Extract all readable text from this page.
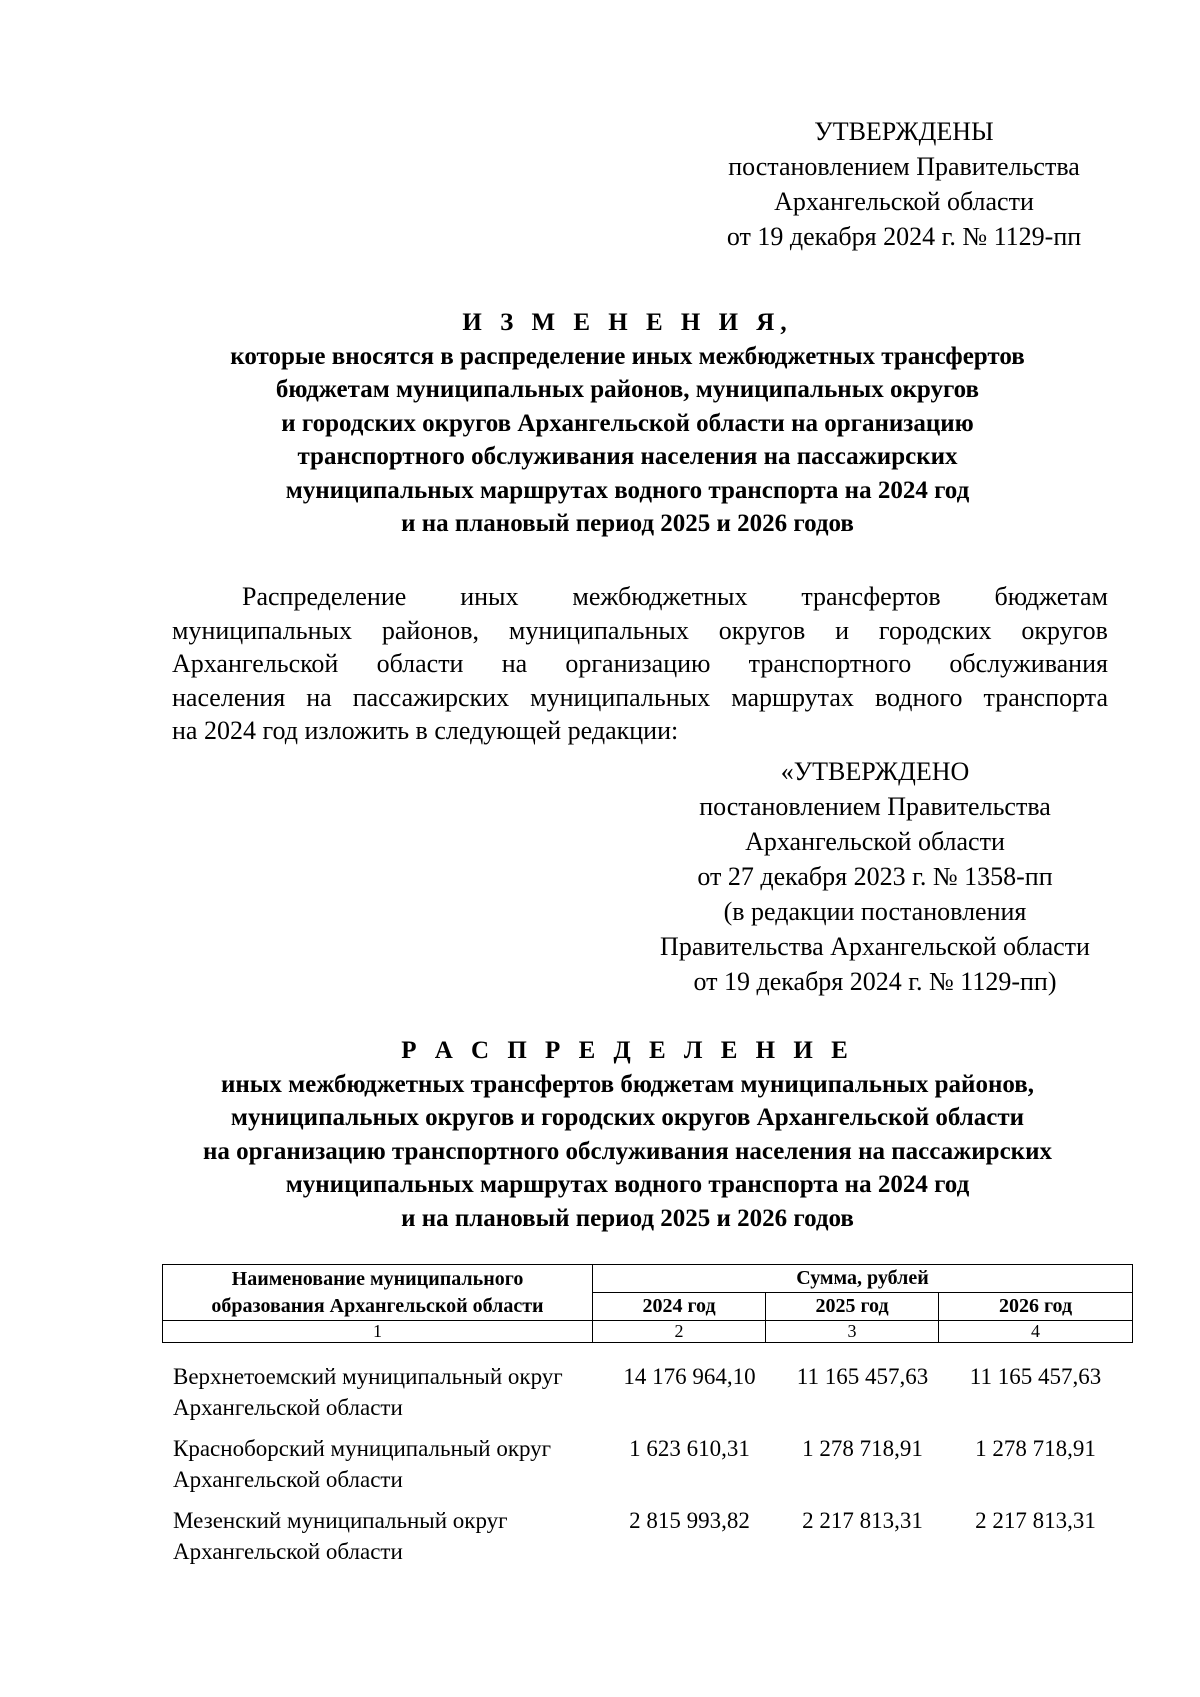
УТВЕРЖДЕНЫ
постановлением Правительства
Архангельской области
от 19 декабря 2024 г. № 1129-пп
И З М Е Н Е Н И Я,
которые вносятся в распределение иных межбюджетных трансфертов
бюджетам муниципальных районов, муниципальных округов
и городских округов Архангельской области на организацию
транспортного обслуживания населения на пассажирских
муниципальных маршрутах водного транспорта на 2024 год
и на плановый период 2025 и 2026 годов
Распределение иных межбюджетных трансфертов бюджетам
муниципальных районов, муниципальных округов и городских округов
Архангельской области на организацию транспортного обслуживания
населения на пассажирских муниципальных маршрутах водного транспорта
на 2024 год изложить в следующей редакции:
«УТВЕРЖДЕНО
постановлением Правительства
Архангельской области
от 27 декабря 2023 г. № 1358-пп
(в редакции постановления
Правительства Архангельской области
от 19 декабря 2024 г. № 1129-пп)
Р А С П Р Е Д Е Л Е Н И Е
иных межбюджетных трансфертов бюджетам муниципальных районов,
муниципальных округов и городских округов Архангельской области
на организацию транспортного обслуживания населения на пассажирских
муниципальных маршрутах водного транспорта на 2024 год
и на плановый период 2025 и 2026 годов
Наименование муниципального
образования Архангельской области	Сумма, рублей		
	2024 год	2025 год	2026 год
1	2	3	4
Верхнетоемский муниципальный округ
Архангельской области
14 176 964,10	11 165 457,63	11 165 457,63
Красноборский муниципальный округ
Архангельской области
1 623 610,31	1 278 718,91	1 278 718,91
Мезенский муниципальный округ
Архангельской области
2 815 993,82	2 217 813,31	2 217 813,31
